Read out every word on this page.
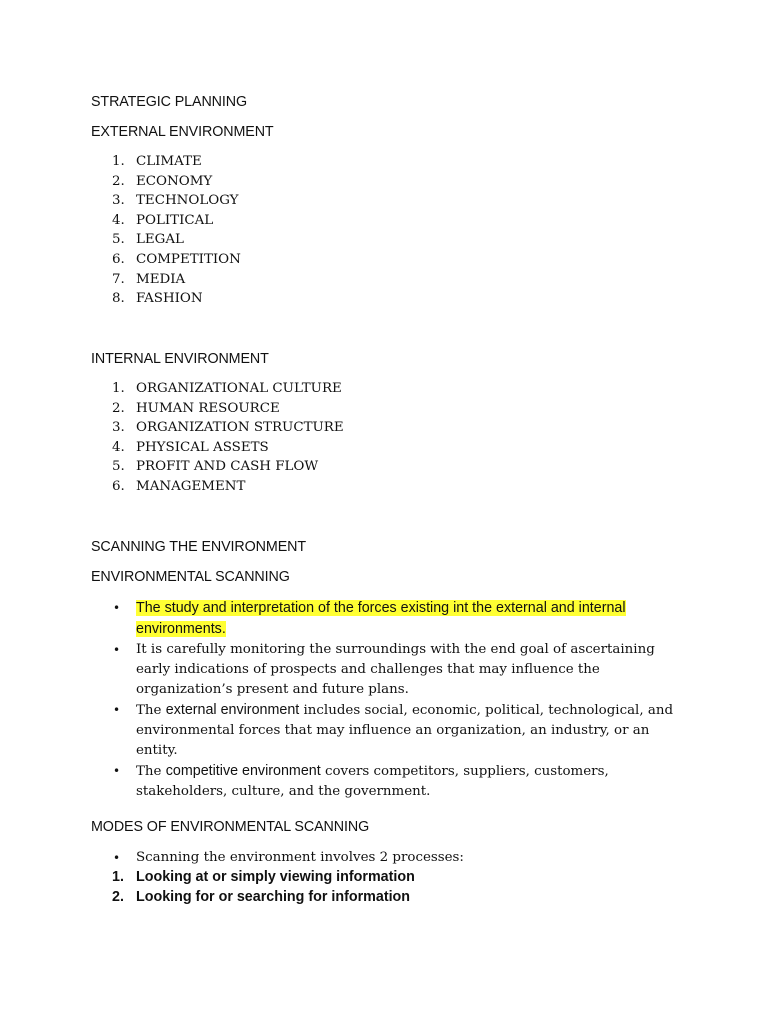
STRATEGIC PLANNING
EXTERNAL ENVIRONMENT
1. CLIMATE
2. ECONOMY
3. TECHNOLOGY
4. POLITICAL
5. LEGAL
6. COMPETITION
7. MEDIA
8. FASHION
INTERNAL ENVIRONMENT
1. ORGANIZATIONAL CULTURE
2. HUMAN RESOURCE
3. ORGANIZATION STRUCTURE
4. PHYSICAL ASSETS
5. PROFIT AND CASH FLOW
6. MANAGEMENT
SCANNING THE ENVIRONMENT
ENVIRONMENTAL SCANNING
• The study and interpretation of the forces existing int the external and internal environments.
• It is carefully monitoring the surroundings with the end goal of ascertaining early indications of prospects and challenges that may influence the organization’s present and future plans.
• The external environment includes social, economic, political, technological, and environmental forces that may influence an organization, an industry, or an entity.
• The competitive environment covers competitors, suppliers, customers, stakeholders, culture, and the government.
MODES OF ENVIRONMENTAL SCANNING
• Scanning the environment involves 2 processes:
1. Looking at or simply viewing information
2. Looking for or searching for information
